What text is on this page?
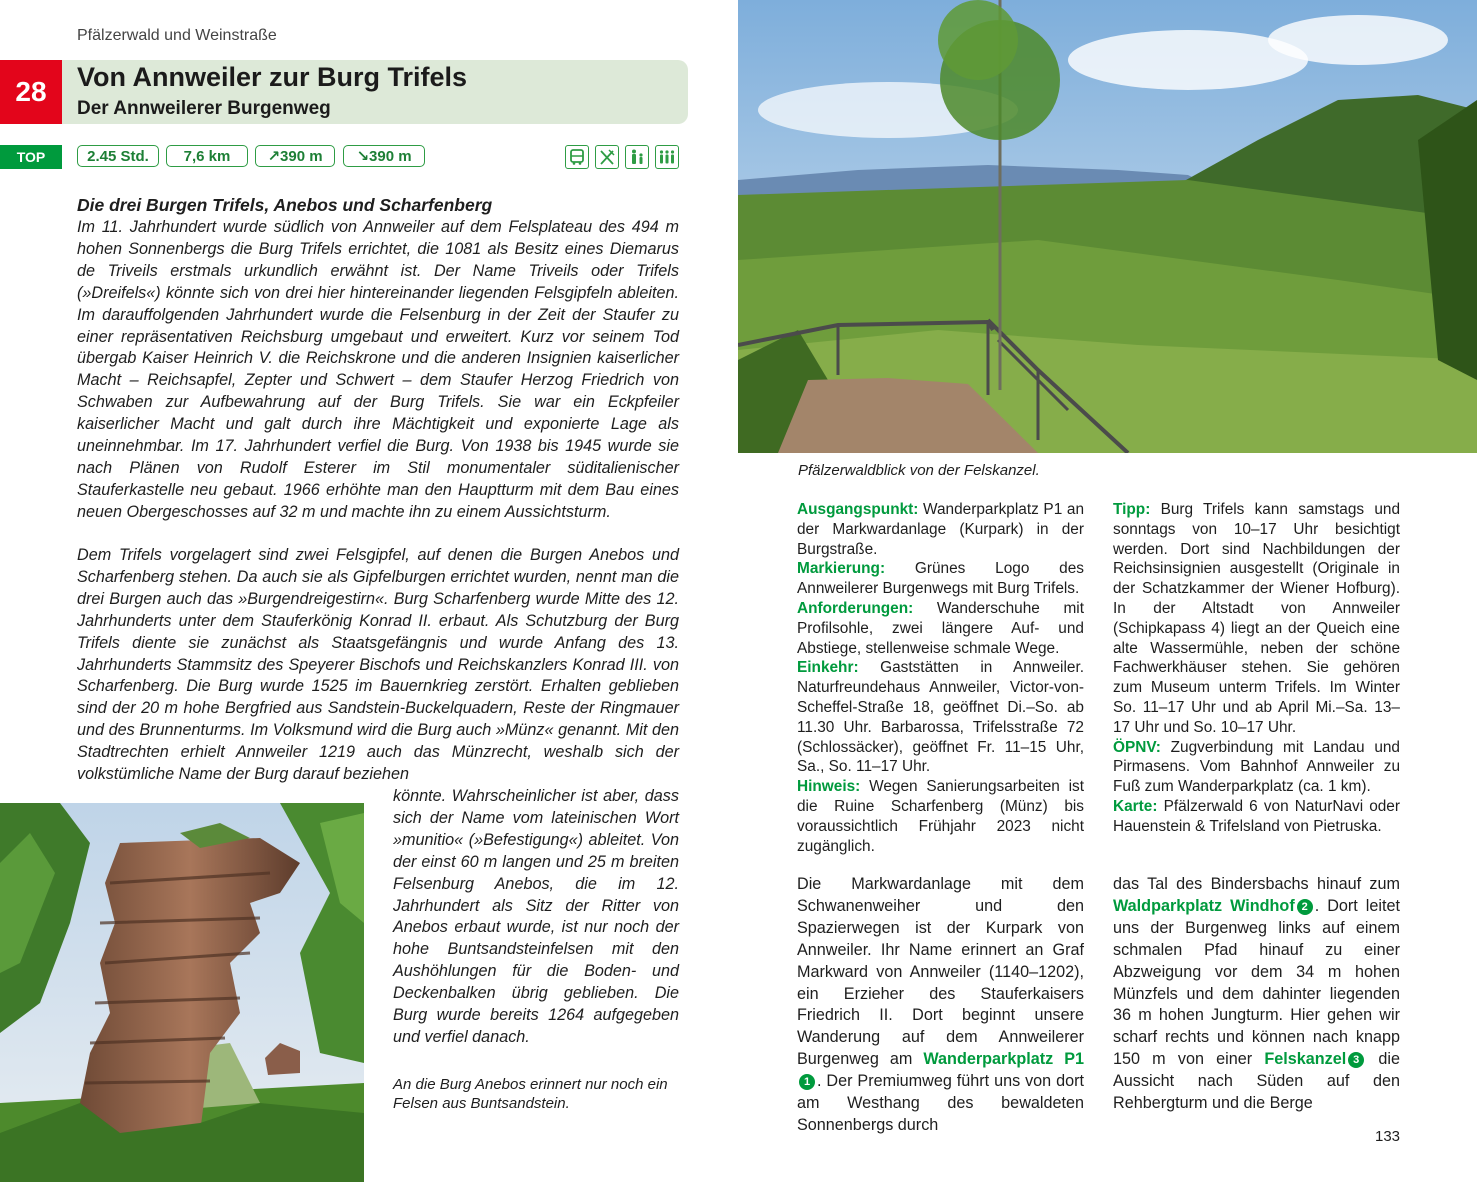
Pfälzerwald und Weinstraße
28	Von Annweiler zur Burg Trifels
Der Annweilerer Burgenweg
TOP	2.45 Std.	7,6 km	↗390 m	↘390 m
Die drei Burgen Trifels, Anebos und Scharfenberg
Im 11. Jahrhundert wurde südlich von Annweiler auf dem Felsplateau des 494 m hohen Sonnenbergs die Burg Trifels errichtet, die 1081 als Besitz eines Diemarus de Triveils erstmals urkundlich erwähnt ist. Der Name Triveils oder Trifels (»Dreifels«) könnte sich von drei hier hintereinander liegenden Felsgipfeln ableiten. Im darauffolgenden Jahrhundert wurde die Felsenburg in der Zeit der Staufer zu einer repräsentativen Reichsburg umgebaut und erweitert. Kurz vor seinem Tod übergab Kaiser Heinrich V. die Reichskrone und die anderen Insignien kaiserlicher Macht – Reichsapfel, Zepter und Schwert – dem Staufer Herzog Friedrich von Schwaben zur Aufbewahrung auf der Burg Trifels. Sie war ein Eckpfeiler kaiserlicher Macht und galt durch ihre Mächtigkeit und exponierte Lage als uneinnehmbar. Im 17. Jahrhundert verfiel die Burg. Von 1938 bis 1945 wurde sie nach Plänen von Rudolf Esterer im Stil monumentaler süditalienischer Stauferkastelle neu gebaut. 1966 erhöhte man den Hauptturm mit dem Bau eines neuen Obergeschosses auf 32 m und machte ihn zu einem Aussichtsturm.
Dem Trifels vorgelagert sind zwei Felsgipfel, auf denen die Burgen Anebos und Scharfenberg stehen. Da auch sie als Gipfelburgen errichtet wurden, nennt man die drei Burgen auch das »Burgendreigestirn«. Burg Scharfenberg wurde Mitte des 12. Jahrhunderts unter dem Stauferkönig Konrad II. erbaut. Als Schutzburg der Burg Trifels diente sie zunächst als Staatsgefängnis und wurde Anfang des 13. Jahrhunderts Stammsitz des Speyerer Bischofs und Reichskanzlers Konrad III. von Scharfenberg. Die Burg wurde 1525 im Bauernkrieg zerstört. Erhalten geblieben sind der 20 m hohe Bergfried aus Sandstein-Buckelquadern, Reste der Ringmauer und des Brunnenturms. Im Volksmund wird die Burg auch »Münz« genannt. Mit den Stadtrechten erhielt Annweiler 1219 auch das Münzrecht, weshalb sich der volkstümliche Name der Burg darauf beziehen
könnte. Wahrscheinlicher ist aber, dass sich der Name vom lateinischen Wort »munitio« (»Befestigung«) ableitet. Von der einst 60 m langen und 25 m breiten Felsenburg Anebos, die im 12. Jahrhundert als Sitz der Ritter von Anebos erbaut wurde, ist nur noch der hohe Buntsandsteinfelsen mit den Aushöhlungen für die Boden- und Deckenbalken übrig geblieben. Die Burg wurde bereits 1264 aufgegeben und verfiel danach.
An die Burg Anebos erinnert nur noch ein Felsen aus Buntsandstein.
Pfälzerwaldblick von der Felskanzel.
Ausgangspunkt: Wanderparkplatz P1 an der Markwardanlage (Kurpark) in der Burgstraße.
Markierung: Grünes Logo des Annweilerer Burgenwegs mit Burg Trifels.
Anforderungen: Wanderschuhe mit Profilsohle, zwei längere Auf- und Abstiege, stellenweise schmale Wege.
Einkehr: Gaststätten in Annweiler. Naturfreundehaus Annweiler, Victor-von-Scheffel-Straße 18, geöffnet Di.–So. ab 11.30 Uhr. Barbarossa, Trifelsstraße 72 (Schlossäcker), geöffnet Fr. 11–15 Uhr, Sa., So. 11–17 Uhr.
Hinweis: Wegen Sanierungsarbeiten ist die Ruine Scharfenberg (Münz) bis voraussichtlich Frühjahr 2023 nicht zugänglich.
Tipp: Burg Trifels kann samstags und sonntags von 10–17 Uhr besichtigt werden. Dort sind Nachbildungen der Reichsinsignien ausgestellt (Originale in der Schatzkammer der Wiener Hofburg). In der Altstadt von Annweiler (Schipkapass 4) liegt an der Queich eine alte Wassermühle, neben der schöne Fachwerkhäuser stehen. Sie gehören zum Museum unterm Trifels. Im Winter So. 11–17 Uhr und ab April Mi.–Sa. 13–17 Uhr und So. 10–17 Uhr.
ÖPNV: Zugverbindung mit Landau und Pirmasens. Vom Bahnhof Annweiler zu Fuß zum Wanderparkplatz (ca. 1 km).
Karte: Pfälzerwald 6 von NaturNavi oder Hauenstein & Trifelsland von Pietruska.
Die Markwardanlage mit dem Schwanenweiher und den Spazierwegen ist der Kurpark von Annweiler. Ihr Name erinnert an Graf Markward von Annweiler (1140–1202), ein Erzieher des Stauferkaisers Friedrich II. Dort beginnt unsere Wanderung auf dem Annweilerer Burgenweg am Wanderparkplatz P11 . Der Premiumweg führt uns von dort am Westhang des bewaldeten Sonnenbergs durch
das Tal des Bindersbachs hinauf zum Waldparkplatz Windhof 2 . Dort leitet uns der Burgenweg links auf einem schmalen Pfad hinauf zu einer Abzweigung vor dem 34 m hohen Münzfels und dem dahinter liegenden 36 m hohen Jungturm. Hier gehen wir scharf rechts und können nach knapp 150 m von einer Felskanzel 3 die Aussicht nach Süden auf den Rehbergturm und die Berge
133
